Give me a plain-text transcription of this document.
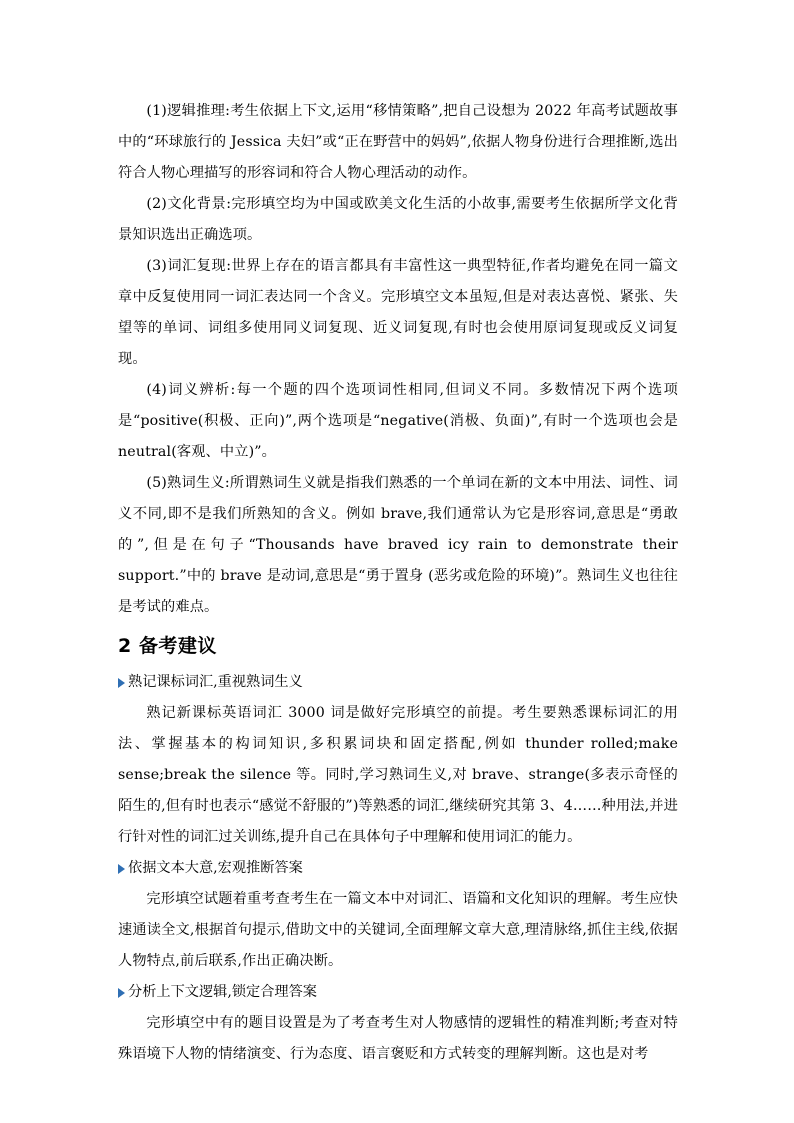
(1)逻辑推理:考生依据上下文,运用“移情策略”,把自己设想为 2022 年高考试题故事中的“环球旅行的 Jessica 夫妇”或“正在野营中的妈妈”,依据人物身份进行合理推断,选出符合人物心理描写的形容词和符合人物心理活动的动作。

(2)文化背景:完形填空均为中国或欧美文化生活的小故事,需要考生依据所学文化背景知识选出正确选项。

(3)词汇复现:世界上存在的语言都具有丰富性这一典型特征,作者均避免在同一篇文章中反复使用同一词汇表达同一个含义。完形填空文本虽短,但是对表达喜悦、紧张、失望等的单词、词组多使用同义词复现、近义词复现,有时也会使用原词复现或反义词复现。

(4)词义辨析:每一个题的四个选项词性相同,但词义不同。多数情况下两个选项是“positive(积极、正向)”,两个选项是“negative(消极、负面)”,有时一个选项也会是neutral(客观、中立)”。

(5)熟词生义:所谓熟词生义就是指我们熟悉的一个单词在新的文本中用法、词性、词义不同,即不是我们所熟知的含义。例如 brave,我们通常认为它是形容词,意思是“勇敢的”,但是在句子“Thousands have braved icy rain to demonstrate their support.”中的 brave 是动词,意思是“勇于置身 (恶劣或危险的环境)”。熟词生义也往往是考试的难点。

2 备考建议
熟记课标词汇,重视熟词生义

熟记新课标英语词汇 3000 词是做好完形填空的前提。考生要熟悉课标词汇的用法、掌握基本的构词知识,多积累词块和固定搭配,例如 thunder rolled;make sense;break the silence 等。同时,学习熟词生义,对 brave、strange(多表示奇怪的陌生的,但有时也表示“感觉不舒服的”)等熟悉的词汇,继续研究其第 3、4……种用法,并进行针对性的词汇过关训练,提升自己在具体句子中理解和使用词汇的能力。

依据文本大意,宏观推断答案

完形填空试题着重考查考生在一篇文本中对词汇、语篇和文化知识的理解。考生应快速通读全文,根据首句提示,借助文中的关键词,全面理解文章大意,理清脉络,抓住主线,依据人物特点,前后联系,作出正确决断。

分析上下文逻辑,锁定合理答案

完形填空中有的题目设置是为了考查考生对人物感情的逻辑性的精准判断;考查对特殊语境下人物的情绪演变、行为态度、语言褒贬和方式转变的理解判断。这也是对考
